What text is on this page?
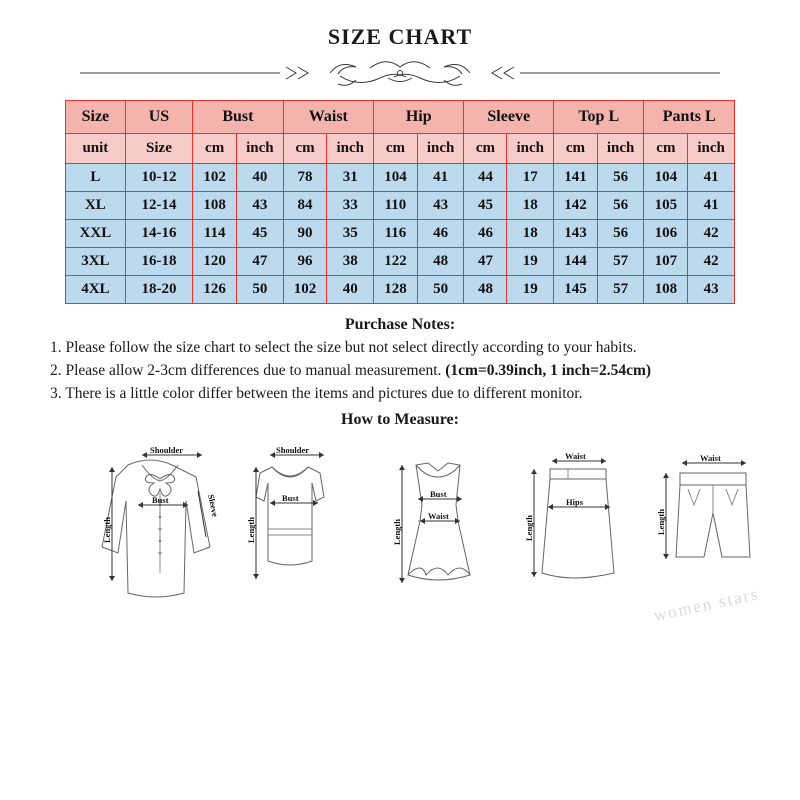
SIZE CHART
Size	US	Bust		Waist		Hip		Sleeve		Top L		Pants L	
unit	Size	cm	inch	cm	inch	cm	inch	cm	inch	cm	inch	cm	inch
L	10-12	102	40	78	31	104	41	44	17	141	56	104	41
XL	12-14	108	43	84	33	110	43	45	18	142	56	105	41
XXL	14-16	114	45	90	35	116	46	46	18	143	56	106	42
3XL	16-18	120	47	96	38	122	48	47	19	144	57	107	42
4XL	18-20	126	50	102	40	128	50	48	19	145	57	108	43
Purchase Notes:

1. Please follow the size chart to select the size but not select directly according to your habits.

2. Please allow 2-3cm differences due to manual measurement. (1cm=0.39inch, 1 inch=2.54cm)

3. There is a little color differ between the items and pictures due to different monitor.

How to Measure:
Shoulder
Bust	Sleeve
Length
Shoulder
Bust
Length
Bust
Waist
Length
Waist
Hips
Length
Waist
Length
women stars
